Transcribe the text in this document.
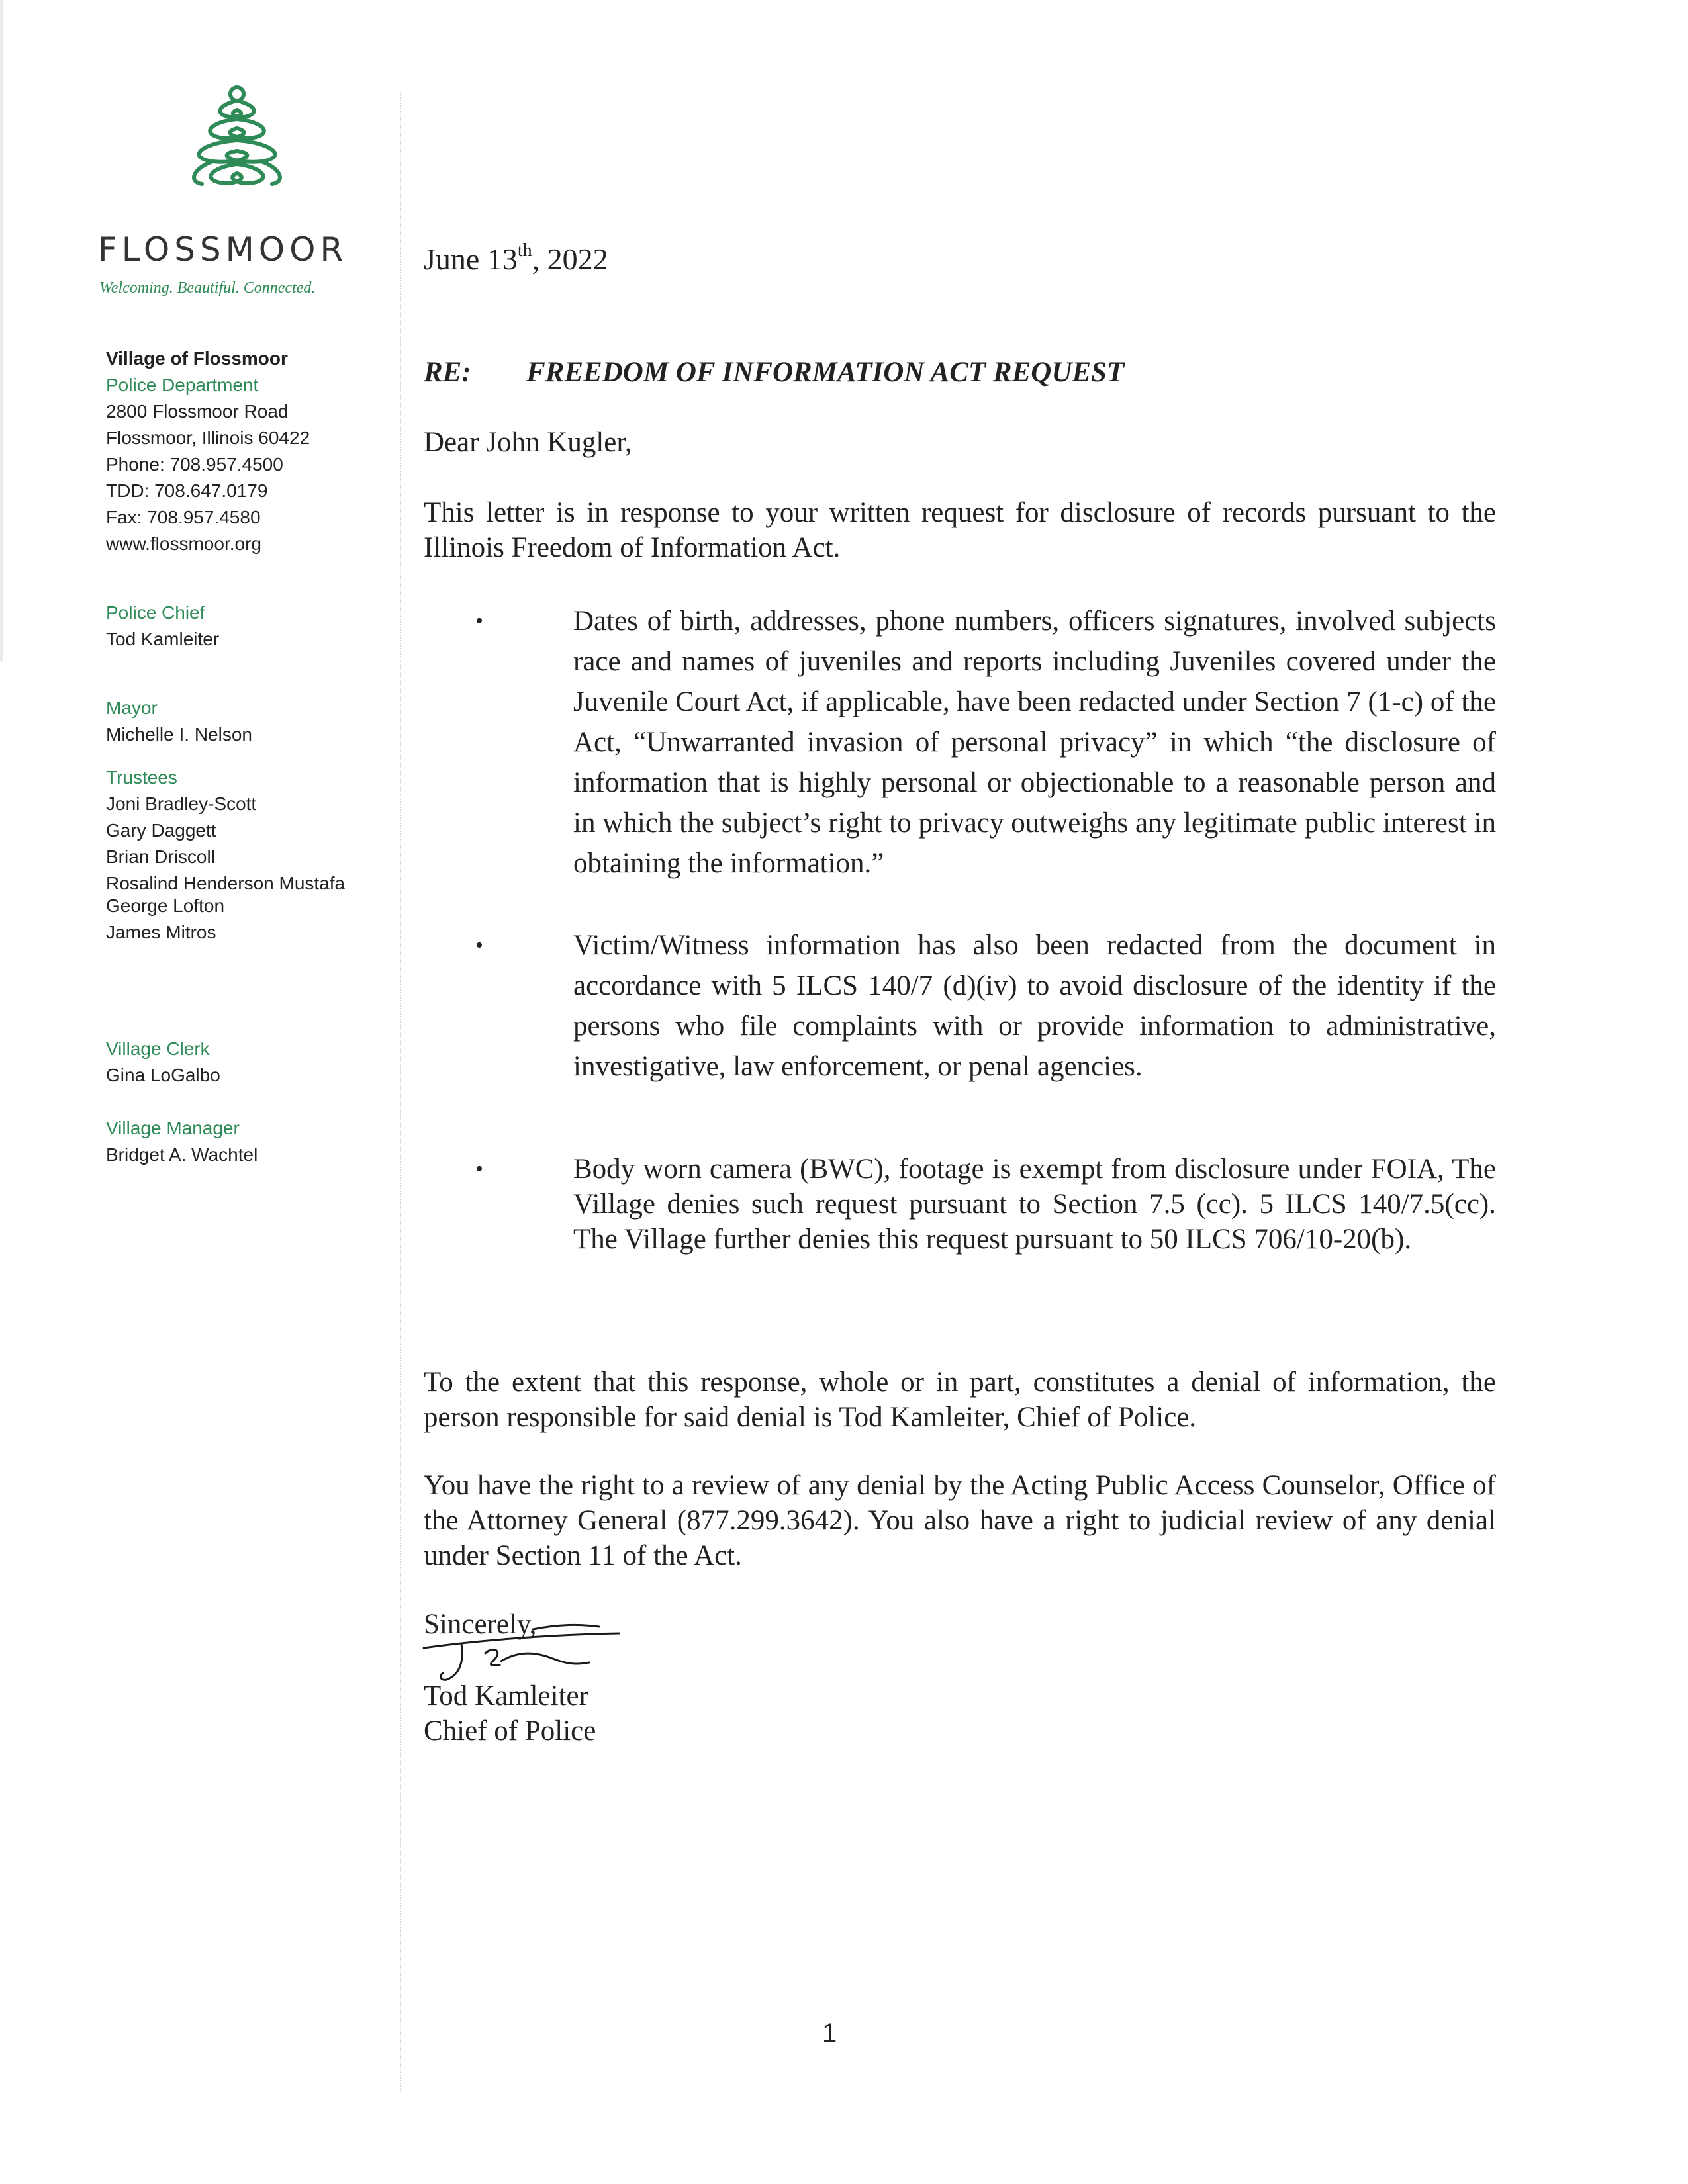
FLOSSMOOR
Welcoming. Beautiful. Connected.
Village of Flossmoor
Police Department
2800 Flossmoor Road
Flossmoor, Illinois 60422
Phone: 708.957.4500
TDD: 708.647.0179
Fax: 708.957.4580
www.flossmoor.org
Police Chief
Tod Kamleiter
Mayor
Michelle I. Nelson
Trustees
Joni Bradley-Scott
Gary Daggett
Brian Driscoll
Rosalind Henderson Mustafa
George Lofton
James Mitros
Village Clerk
Gina LoGalbo
Village Manager
Bridget A. Wachtel
June 13th, 2022
RE: FREEDOM OF INFORMATION ACT REQUEST
Dear John Kugler,
This letter is in response to your written request for disclosure of records pursuant to the Illinois Freedom of Information Act.
•	Dates of birth, addresses, phone numbers, officers signatures, involved subjects race and names of juveniles and reports including Juveniles covered under the Juvenile Court Act, if applicable, have been redacted under Section 7 (1-c) of the Act, “Unwarranted invasion of personal privacy” in which “the disclosure of information that is highly personal or objectionable to a reasonable person and in which the subject’s right to privacy outweighs any legitimate public interest in obtaining the information.”
•	Victim/Witness information has also been redacted from the document in accordance with 5 ILCS 140/7 (d)(iv) to avoid disclosure of the identity if the persons who file complaints with or provide information to administrative, investigative, law enforcement, or penal agencies.
•	Body worn camera (BWC), footage is exempt from disclosure under FOIA, The Village denies such request pursuant to Section 7.5 (cc). 5 ILCS 140/7.5(cc). The Village further denies this request pursuant to 50 ILCS 706/10-20(b).
To the extent that this response, whole or in part, constitutes a denial of information, the person responsible for said denial is Tod Kamleiter, Chief of Police.
You have the right to a review of any denial by the Acting Public Access Counselor, Office of the Attorney General (877.299.3642). You also have a right to judicial review of any denial under Section 11 of the Act.
Sincerely,
Tod Kamleiter
Chief of Police
1
